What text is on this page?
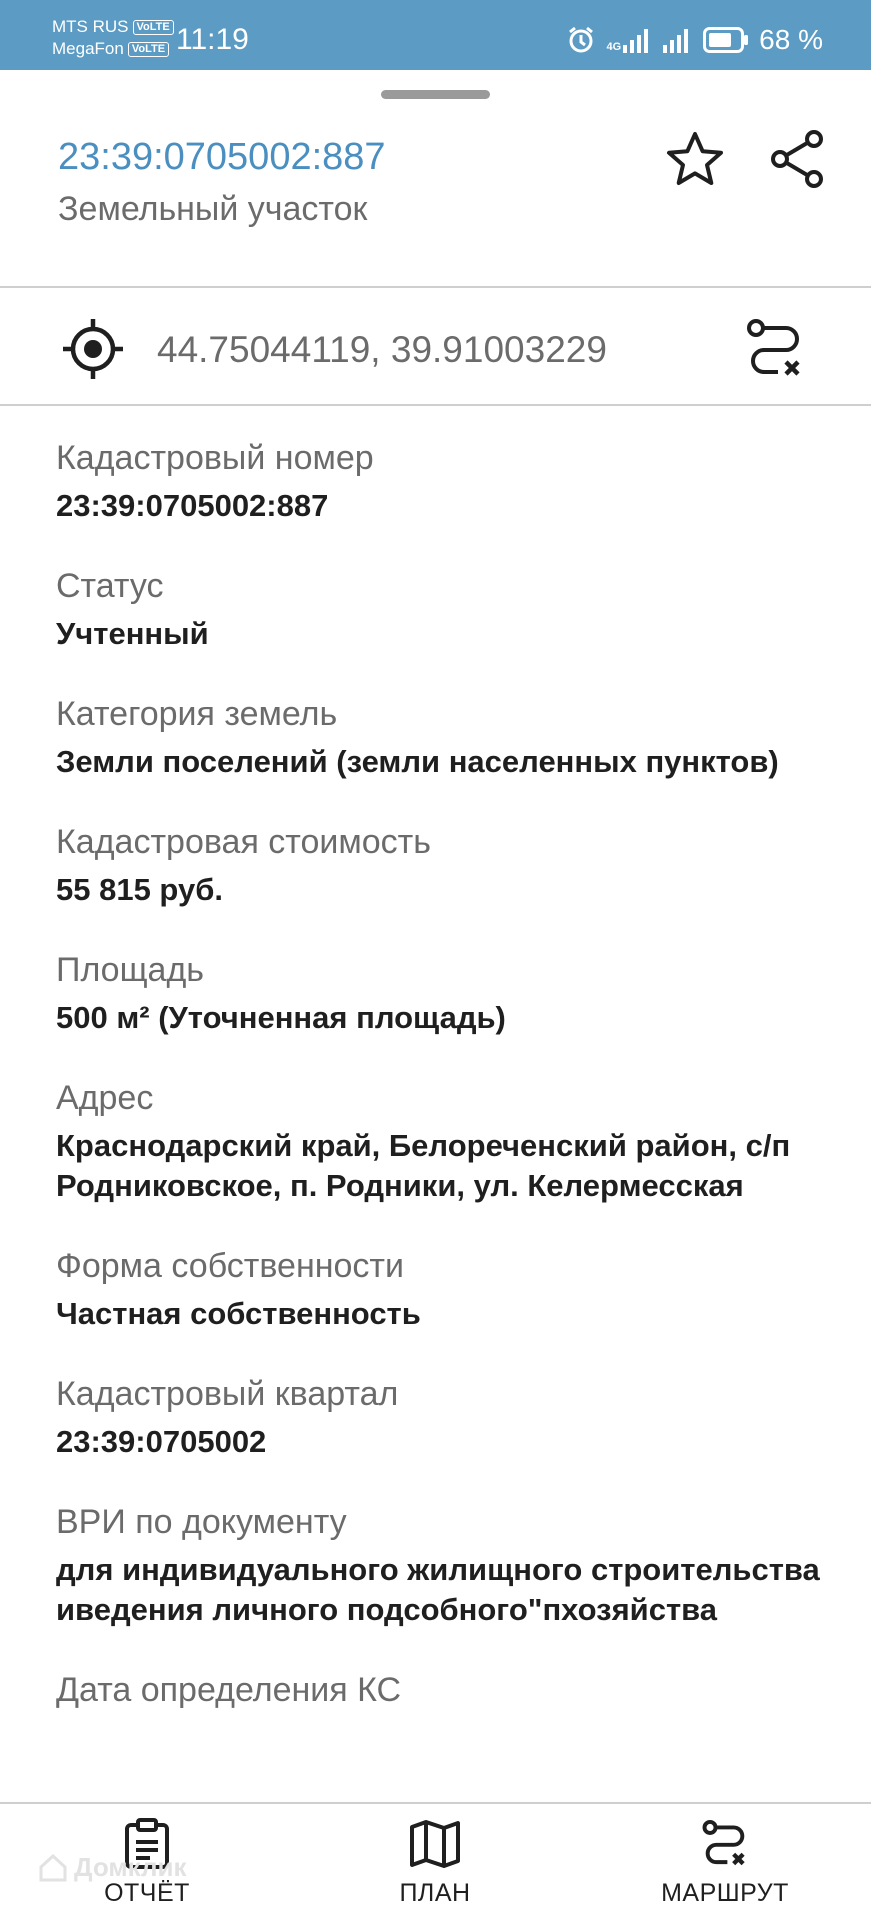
MTS RUS VoLTE
MegaFon VoLTE 11:19	4G	68 %
23:39:0705002:887
Земельный участок
44.75044119, 39.91003229
Кадастровый номер
23:39:0705002:887
Статус
Учтенный
Категория земель
Земли поселений (земли населенных пунктов)
Кадастровая стоимость
55 815 руб.
Площадь
500 м² (Уточненная площадь)
Адрес
Краснодарский край, Белореченский район, с/п
Родниковское, п. Родники, ул. Келермесская
Форма собственности
Частная собственность
Кадастровый квартал
23:39:0705002
ВРИ по документу
для индивидуального жилищного строительства
иведения личного подсобного"пхозяйства
Дата определения КС
ОТЧЁТ	ПЛАН	МАРШРУТ
Домклик
